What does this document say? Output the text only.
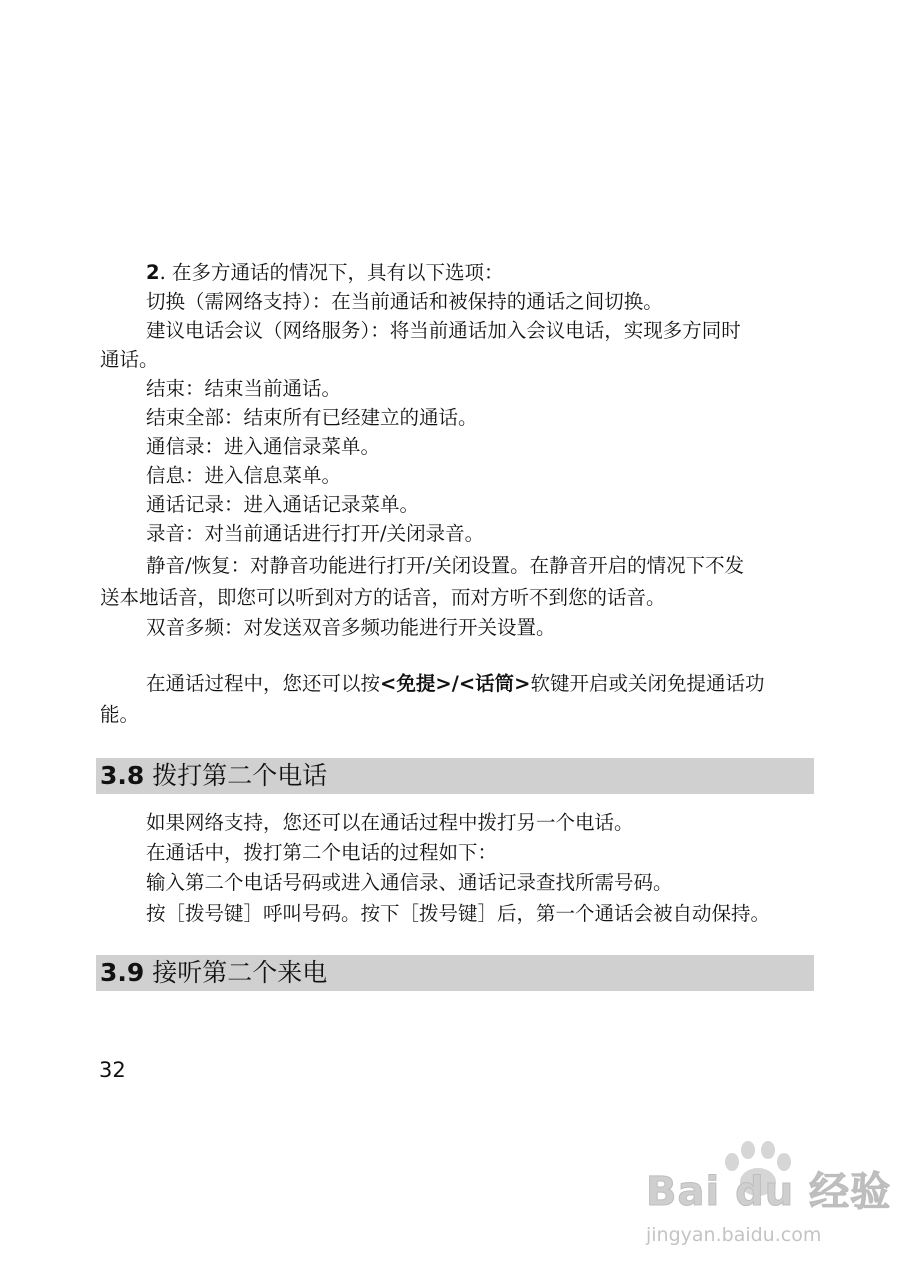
2. 在多方通话的情况下，具有以下选项：
切换（需网络支持）：在当前通话和被保持的通话之间切换。
建议电话会议（网络服务）：将当前通话加入会议电话，实现多方同时
通话。
结束：结束当前通话。
结束全部：结束所有已经建立的通话。
通信录：进入通信录菜单。
信息：进入信息菜单。
通话记录：进入通话记录菜单。
录音：对当前通话进行打开/关闭录音。
静音/恢复：对静音功能进行打开/关闭设置。在静音开启的情况下不发
送本地话音，即您可以听到对方的话音，而对方听不到您的话音。
双音多频：对发送双音多频功能进行开关设置。
在通话过程中，您还可以按<免提>/<话筒>软键开启或关闭免提通话功
能。
3.8 拨打第二个电话
如果网络支持，您还可以在通话过程中拨打另一个电话。
在通话中，拨打第二个电话的过程如下：
输入第二个电话号码或进入通信录、通话记录查找所需号码。
按［拨号键］呼叫号码。按下［拨号键］后，第一个通话会被自动保持。
3.9 接听第二个来电
32
Bai du 经验
jingyan.baidu.com
